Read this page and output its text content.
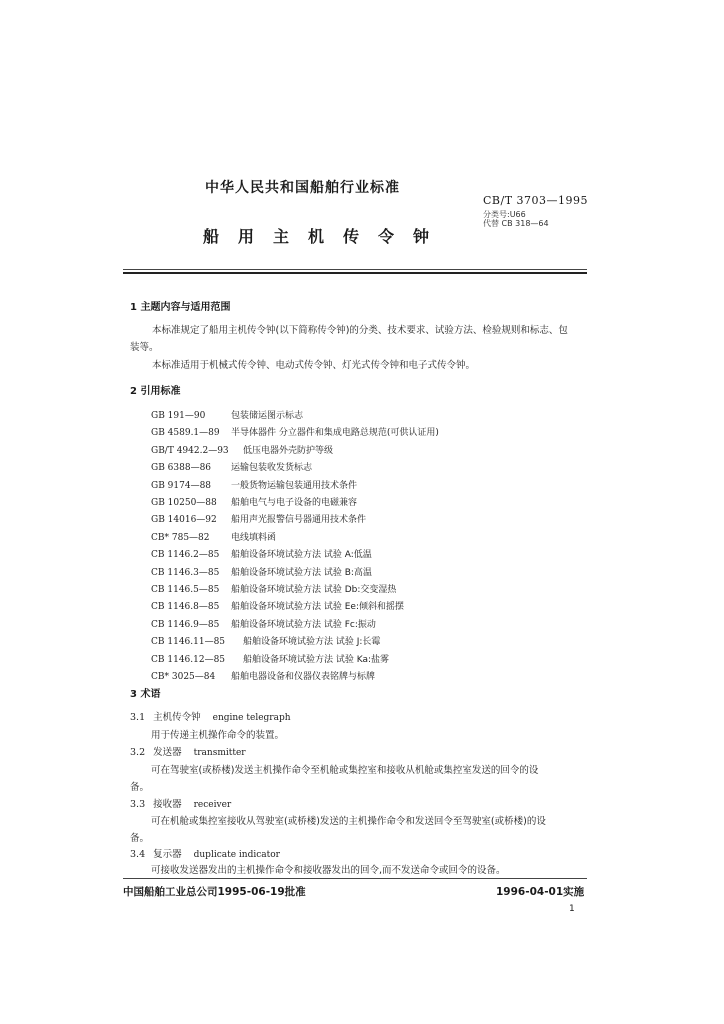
中华人民共和国船舶行业标准
船用主机传令钟
CB/T 3703—1995
分类号:U66
代替 CB 318—64
1 主题内容与适用范围
本标准规定了船用主机传令钟(以下简称传令钟)的分类、技术要求、试验方法、检验规则和标志、包
装等。
本标准适用于机械式传令钟、电动式传令钟、灯光式传令钟和电子式传令钟。
2 引用标准
GB 191—90	包装储运图示标志
GB 4589.1—89 半导体器件 分立器件和集成电路总规范(可供认证用)
GB/T 4942.2—93 低压电器外壳防护等级
GB 6388—86 运输包装收发货标志
GB 9174—88 一般货物运输包装通用技术条件
GB 10250—88 船舶电气与电子设备的电磁兼容
GB 14016—92 船用声光报警信号器通用技术条件
CB* 785—82 电线填料函
CB 1146.2—85 船舶设备环境试验方法 试验 A:低温
CB 1146.3—85 船舶设备环境试验方法 试验 B:高温
CB 1146.5—85 船舶设备环境试验方法 试验 Db:交变湿热
CB 1146.8—85 船舶设备环境试验方法 试验 Ee:倾斜和摇摆
CB 1146.9—85 船舶设备环境试验方法 试验 Fc:振动
CB 1146.11—85 船舶设备环境试验方法 试验 J:长霉
CB 1146.12—85 船舶设备环境试验方法 试验 Ka:盐雾
CB* 3025—84 船舶电器设备和仪器仪表铭牌与标牌
3 术语
3.1 主机传令钟 engine telegraph
用于传递主机操作命令的装置。
3.2 发送器 transmitter
可在驾驶室(或桥楼)发送主机操作命令至机舱或集控室和接收从机舱或集控室发送的回令的设
备。
3.3 接收器 receiver
可在机舱或集控室接收从驾驶室(或桥楼)发送的主机操作命令和发送回令至驾驶室(或桥楼)的设
备。
3.4 复示器 duplicate indicator
可接收发送器发出的主机操作命令和接收器发出的回令,而不发送命令或回令的设备。
中国船舶工业总公司1995-06-19批准	1996-04-01实施
1
